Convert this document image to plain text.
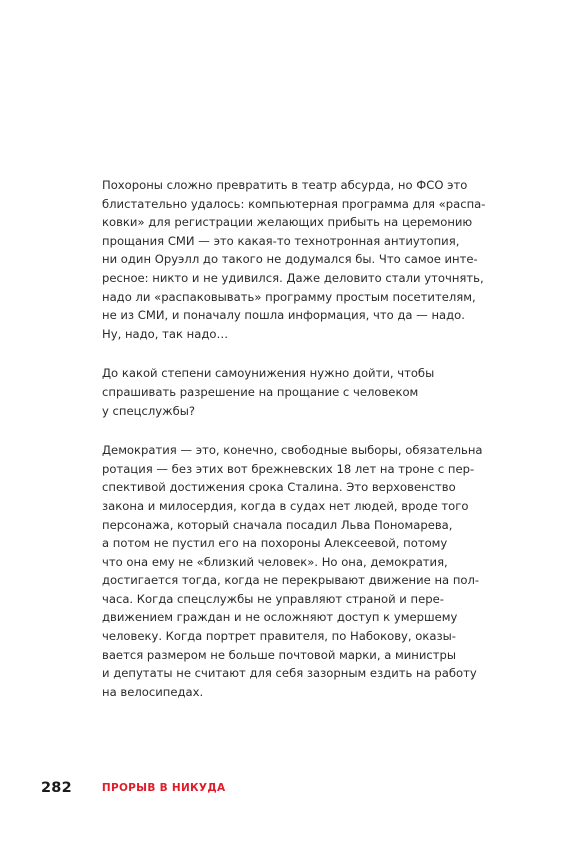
Похороны сложно превратить в театр абсурда, но ФСО это
блистательно удалось: компьютерная программа для «распа-
ковки» для регистрации желающих прибыть на церемонию
прощания СМИ — это какая-то технотронная антиутопия,
ни один Оруэлл до такого не додумался бы. Что самое инте-
ресное: никто и не удивился. Даже деловито стали уточнять,
надо ли «распаковывать» программу простым посетителям,
не из СМИ, и поначалу пошла информация, что да — надо.
Ну, надо, так надо…

До какой степени самоунижения нужно дойти, чтобы
спрашивать разрешение на прощание с человеком
у спецслужбы?

Демократия — это, конечно, свободные выборы, обязательна
ротация — без этих вот брежневских 18 лет на троне с пер-
спективой достижения срока Сталина. Это верховенство
закона и милосердия, когда в судах нет людей, вроде того
персонажа, который сначала посадил Льва Пономарева,
а потом не пустил его на похороны Алексеевой, потому
что она ему не «близкий человек». Но она, демократия,
достигается тогда, когда не перекрывают движение на пол-
часа. Когда спецслужбы не управляют страной и пере-
движением граждан и не осложняют доступ к умершему
человеку. Когда портрет правителя, по Набокову, оказы-
вается размером не больше почтовой марки, а министры
и депутаты не считают для себя зазорным ездить на работу
на велосипедах.

282	ПРОРЫВ В НИКУДА
